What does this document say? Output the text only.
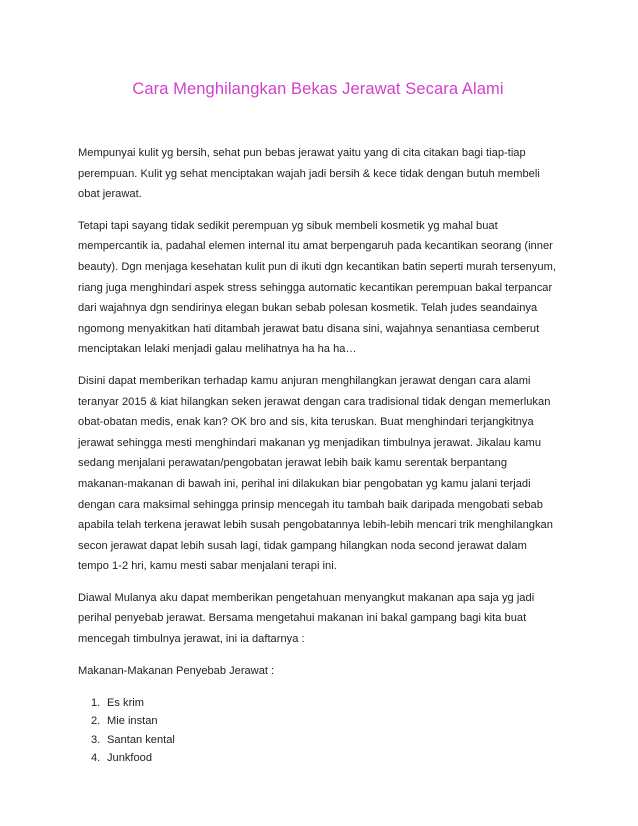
Cara Menghilangkan Bekas Jerawat Secara Alami

Mempunyai kulit yg bersih, sehat pun bebas jerawat yaitu yang di cita citakan bagi tiap-tiap perempuan. Kulit yg sehat menciptakan wajah jadi bersih & kece tidak dengan butuh membeli obat jerawat.

Tetapi tapi sayang tidak sedikit perempuan yg sibuk membeli kosmetik yg mahal buat mempercantik ia, padahal elemen internal itu amat berpengaruh pada kecantikan seorang (inner beauty). Dgn menjaga kesehatan kulit pun di ikuti dgn kecantikan batin seperti murah tersenyum, riang juga menghindari aspek stress sehingga automatic kecantikan perempuan bakal terpancar dari wajahnya dgn sendirinya elegan bukan sebab polesan kosmetik. Telah judes seandainya ngomong menyakitkan hati ditambah jerawat batu disana sini, wajahnya senantiasa cemberut menciptakan lelaki menjadi galau melihatnya ha ha ha…

Disini dapat memberikan terhadap kamu anjuran menghilangkan jerawat dengan cara alami teranyar 2015 & kiat hilangkan seken jerawat dengan cara tradisional tidak dengan memerlukan obat-obatan medis, enak kan? OK bro and sis, kita teruskan. Buat menghindari terjangkitnya jerawat sehingga mesti menghindari makanan yg menjadikan timbulnya jerawat. Jikalau kamu sedang menjalani perawatan/pengobatan jerawat lebih baik kamu serentak berpantang makanan-makanan di bawah ini, perihal ini dilakukan biar pengobatan yg kamu jalani terjadi dengan cara maksimal sehingga prinsip mencegah itu tambah baik daripada mengobati sebab apabila telah terkena jerawat lebih susah pengobatannya lebih-lebih mencari trik menghilangkan secon jerawat dapat lebih susah lagi, tidak gampang hilangkan noda second jerawat dalam tempo 1-2 hri, kamu mesti sabar menjalani terapi ini.

Diawal Mulanya aku dapat memberikan pengetahuan menyangkut makanan apa saja yg jadi perihal penyebab jerawat. Bersama mengetahui makanan ini bakal gampang bagi kita buat mencegah timbulnya jerawat, ini ia daftarnya :

Makanan-Makanan Penyebab Jerawat :

1. Es krim
2. Mie instan
3. Santan kental
4. Junkfood
